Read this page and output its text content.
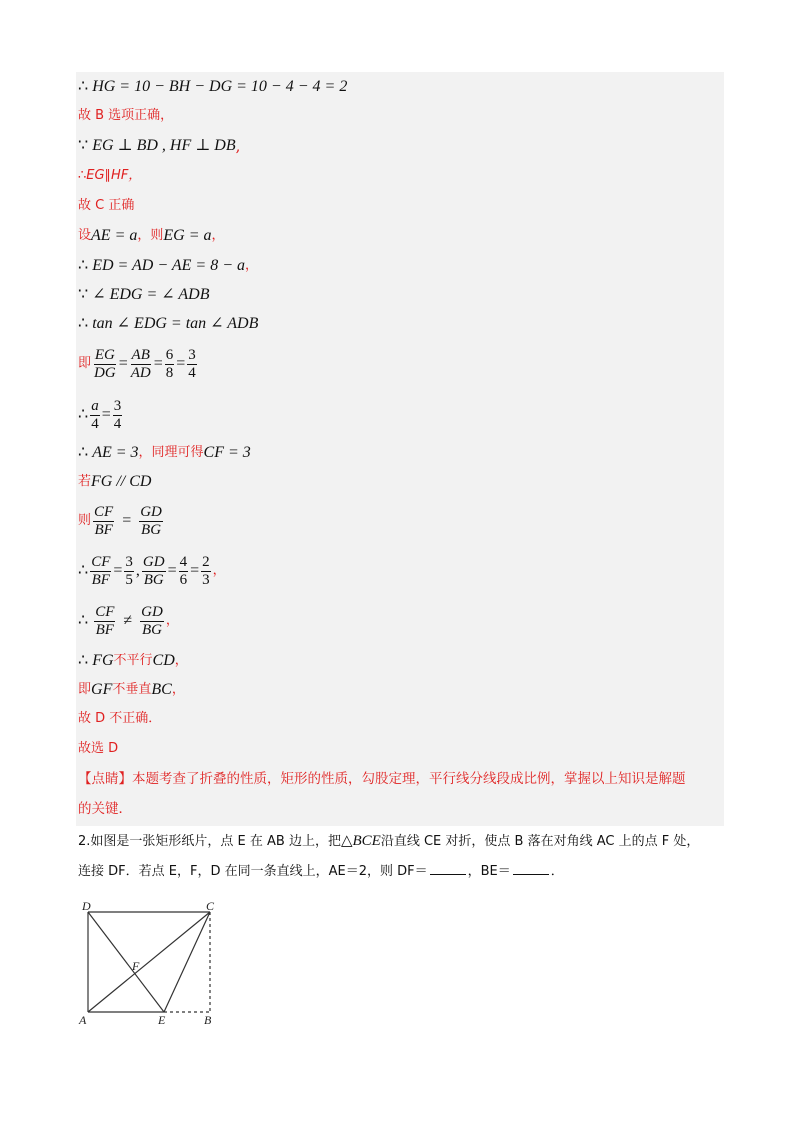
∴ HG = 10 − BH − DG = 10 − 4 − 4 = 2
故 B 选项正确，
∵ EG ⊥ BD , HF ⊥ DB ,
∴EG∥HF，
故 C 正确
设 AE = a ，则 EG = a ，
∴ ED = AD − AE = 8 − a ，
∵ ∠ EDG = ∠ ADB
∴ tan ∠ EDG = tan ∠ ADB
即 $\frac{EG}{DG} = \frac{AB}{AD} = \frac{6}{8} = \frac{3}{4}$
∴ $\frac{a}{4} = \frac{3}{4}$
∴ AE = 3 ，同理可得 CF = 3
若 FG // CD
则 $\frac{CF}{BF} = \frac{GD}{BG}$
∴ $\frac{CF}{BF} = \frac{3}{5}$ , $\frac{GD}{BG} = \frac{4}{6} = \frac{2}{3}$ ，
∴ $\frac{CF}{BF} \ne \frac{GD}{BG}$ ，
∴ FG 不平行 CD ，
即 GF 不垂直 BC ，
故 D 不正确．
故选 D
【点睛】本题考查了折叠的性质，矩形的性质，勾股定理，平行线分线段成比例，掌握以上知识是解题
的关键．
2.如图是一张矩形纸片，点 E 在 AB 边上，把△BCE沿直线 CE 对折，使点 B 落在对角线 AC 上的点 F 处，
连接 DF．若点 E，F，D 在同一条直线上，AE＝2，则 DF＝	，BE＝	．
D	C
F
A	E	B
